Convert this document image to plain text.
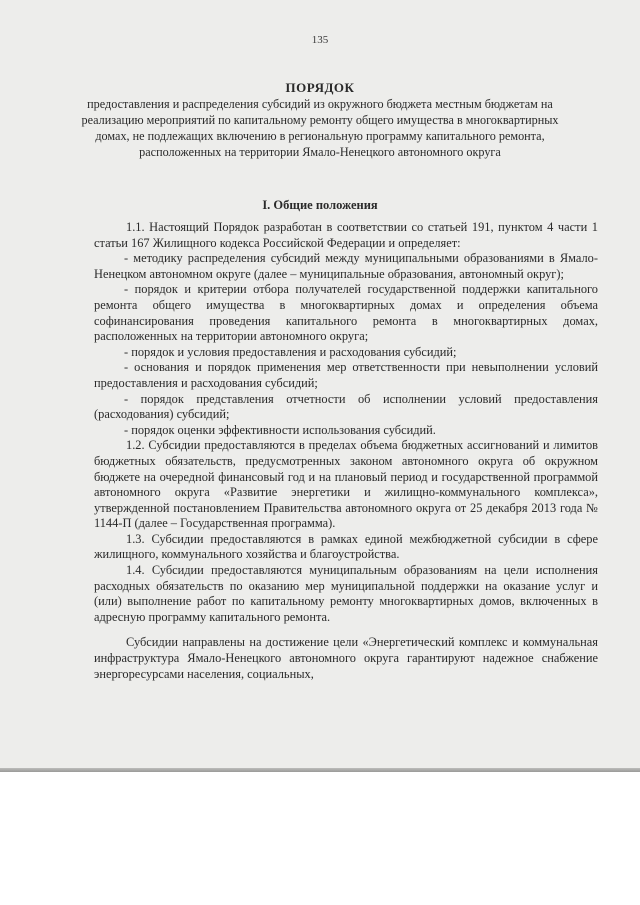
135
ПОРЯДОК
предоставления и распределения субсидий из окружного бюджета местным бюджетам на реализацию мероприятий по капитальному ремонту общего имущества в многоквартирных домах, не подлежащих включению в региональную программу капитального ремонта, расположенных на территории Ямало-Ненецкого автономного округа
I. Общие положения

1.1. Настоящий Порядок разработан в соответствии со статьей 191, пунктом 4 части 1 статьи 167 Жилищного кодекса Российской Федерации и определяет:

- методику распределения субсидий между муниципальными образованиями в Ямало-Ненецком автономном округе (далее – муниципальные образования, автономный округ);

- порядок и критерии отбора получателей государственной поддержки капитального ремонта общего имущества в многоквартирных домах и определения объема софинансирования проведения капитального ремонта в многоквартирных домах, расположенных на территории автономного округа;

- порядок и условия предоставления и расходования субсидий;

- основания и порядок применения мер ответственности при невыполнении условий предоставления и расходования субсидий;

- порядок представления отчетности об исполнении условий предоставления (расходования) субсидий;

- порядок оценки эффективности использования субсидий.

1.2. Субсидии предоставляются в пределах объема бюджетных ассигнований и лимитов бюджетных обязательств, предусмотренных законом автономного округа об окружном бюджете на очередной финансовый год и на плановый период и государственной программой автономного округа «Развитие энергетики и жилищно-коммунального комплекса», утвержденной постановлением Правительства автономного округа от 25 декабря 2013 года № 1144-П (далее – Государственная программа).

1.3. Субсидии предоставляются в рамках единой межбюджетной субсидии в сфере жилищного, коммунального хозяйства и благоустройства.

1.4. Субсидии предоставляются муниципальным образованиям на цели исполнения расходных обязательств по оказанию мер муниципальной поддержки на оказание услуг и (или) выполнение работ по капитальному ремонту многоквартирных домов, включенных в адресную программу капитального ремонта.

Субсидии направлены на достижение цели «Энергетический комплекс и коммунальная инфраструктура Ямало-Ненецкого автономного округа гарантируют надежное снабжение энергоресурсами населения, социальных,
